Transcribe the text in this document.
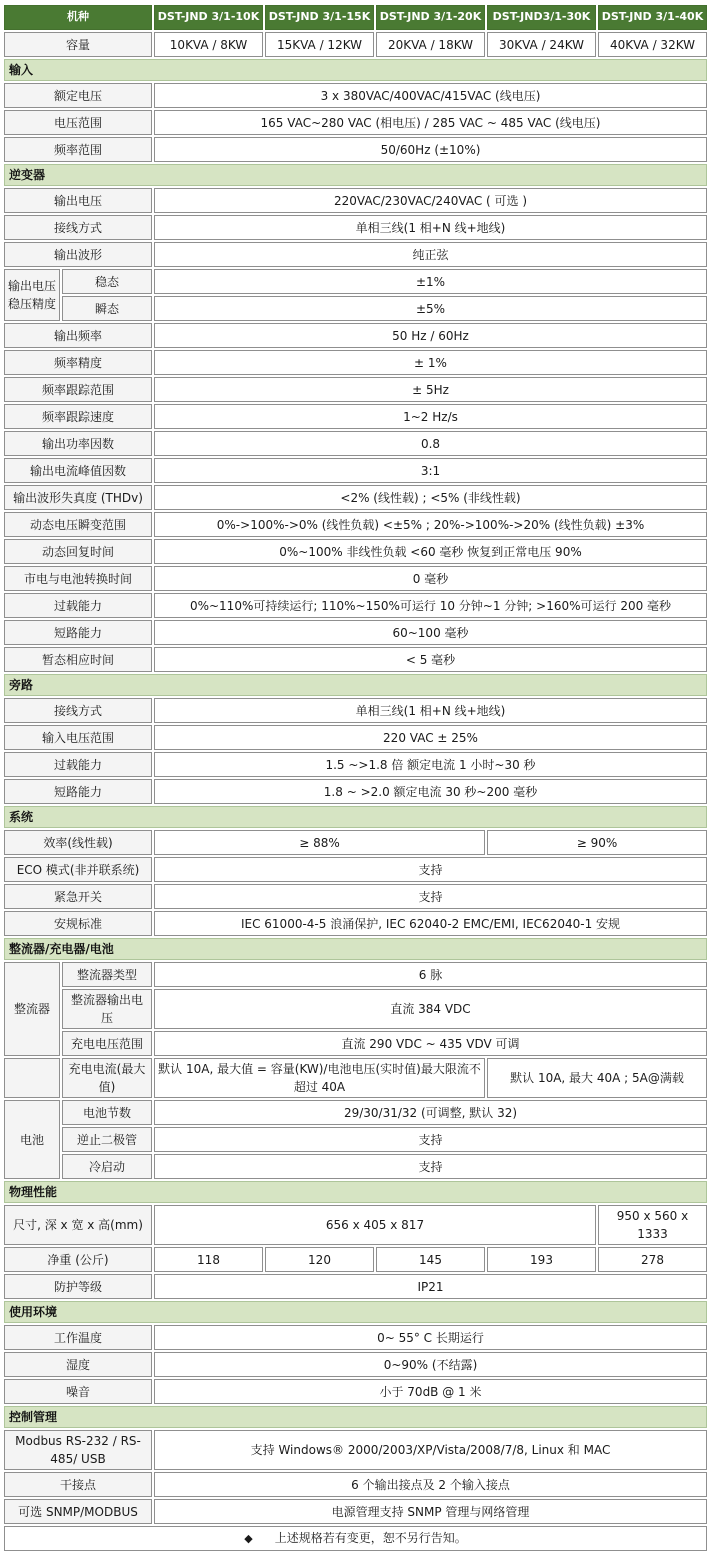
机种		DST-JND 3/1-10K	DST-JND 3/1-15K	DST-JND 3/1-20K	DST-JND3/1-30K	DST-JND 3/1-40K
容量		10KVA / 8KW	15KVA / 12KW	20KVA / 18KW	30KVA / 24KW	40KVA / 32KW
输入						
额定电压		3 x 380VAC/400VAC/415VAC (线电压)				
电压范围		165 VAC~280 VAC (相电压) / 285 VAC ~ 485 VAC (线电压)				
频率范围		50/60Hz (±10%)				
逆变器						
输出电压		220VAC/230VAC/240VAC ( 可选 )				
接线方式		单相三线(1 相+N 线+地线)				
输出波形		纯正弦				
输出电压稳压精度	稳态	±1%				
	瞬态	±5%				
输出频率		50 Hz / 60Hz				
频率精度		± 1%				
频率跟踪范围		± 5Hz				
频率跟踪速度		1~2 Hz/s				
输出功率因数		0.8				
输出电流峰值因数		3:1				
输出波形失真度 (THDv)		<2% (线性载) ; <5% (非线性载)				
动态电压瞬变范围		0%->100%->0% (线性负载) <±5% ; 20%->100%->20% (线性负载) ±3%				
动态回复时间		0%~100% 非线性负载 <60 毫秒 恢复到正常电压 90%				
市电与电池转换时间		0 毫秒				
过载能力		0%~110%可持续运行; 110%~150%可运行 10 分钟~1 分钟; >160%可运行 200 毫秒				
短路能力		60~100 毫秒				
暂态相应时间		< 5 毫秒				
旁路						
接线方式		单相三线(1 相+N 线+地线)				
输入电压范围		220 VAC ± 25%				
过载能力		1.5 ~>1.8 倍 额定电流 1 小时~30 秒				
短路能力		1.8 ~ >2.0 额定电流 30 秒~200 毫秒				
系统						
效率(线性载)		≥ 88%			≥ 90%	
ECO 模式(非并联系统)		支持				
紧急开关		支持				
安规标准		IEC 61000-4-5 浪涌保护, IEC 62040-2 EMC/EMI, IEC62040-1 安规				
整流器/充电器/电池						
整流器	整流器类型	6 脉				
	整流器输出电压	直流 384 VDC				
	充电电压范围	直流 290 VDC ~ 435 VDV 可调				
	充电电流(最大值)	默认 10A, 最大值 = 容量(KW)/电池电压(实时值)最大限流不超过 40A			默认 10A, 最大 40A ; 5A@满载	
电池	电池节数	29/30/31/32 (可调整, 默认 32)				
	逆止二极管	支持				
	冷启动	支持				
物理性能						
尺寸, 深 x 宽 x 高(mm)		656 x 405 x 817				950 x 560 x 1333
净重 (公斤)		118	120	145	193	278
防护等级		IP21				
使用环境						
工作温度		0~ 55° C 长期运行				
湿度		0~90% (不结露)				
噪音		小于 70dB @ 1 米				
控制管理						
Modbus RS-232 / RS-485/ USB		支持 Windows® 2000/2003/XP/Vista/2008/7/8, Linux 和 MAC				
干接点		6 个输出接点及 2 个输入接点				
可选 SNMP/MODBUS		电源管理支持 SNMP 管理与网络管理				
◆ 上述规格若有变更，恕不另行告知。						
